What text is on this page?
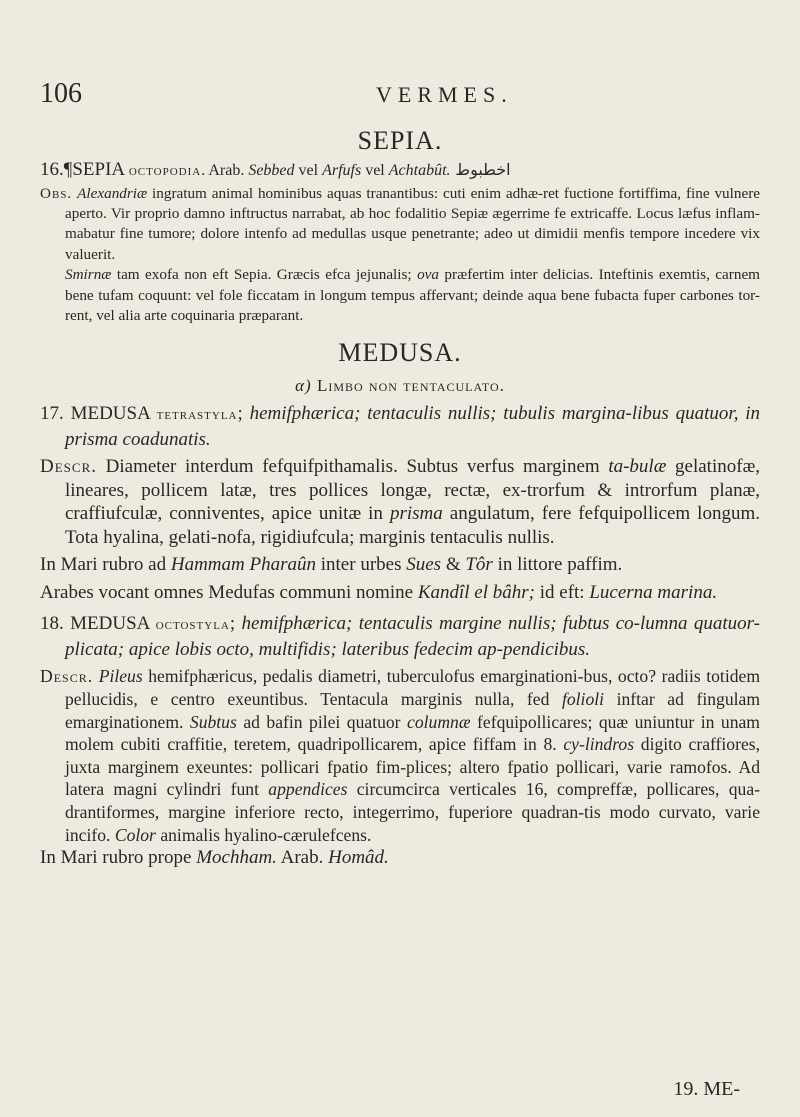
106	VERMES.
SEPIA.

16.¶SEPIA octopodia. Arab. Sebbed vel Arfufs vel Achtabût. اخطبوط

Obs. Alexandriæ ingratum animal hominibus aquas tranantibus: cuti enim adhæ-ret fuctione fortiffima, fine vulnere aperto. Vir proprio damno inftructus narrabat, ab hoc fodalitio Sepiæ ægerrime fe extricaffe. Locus læfus inflam-mabatur fine tumore; dolore intenfo ad medullas usque penetrante; adeo ut dimidii menfis tempore incedere vix valuerit.

Smirnæ tam exofa non eft Sepia. Græcis efca jejunalis; ova præfertim inter delicias. Inteftinis exemtis, carnem bene tufam coquunt: vel fole ficcatam in longum tempus affervant; deinde aqua bene fubacta fuper carbones tor-rent, vel alia arte coquinaria præparant.

MEDUSA.
α) Limbo non tentaculato.

17. MEDUSA tetrastyla; hemifphærica; tentaculis nullis; tubulis margina-libus quatuor, in prisma coadunatis.

Descr. Diameter interdum fefquifpithamalis. Subtus verfus marginem ta-bulæ gelatinofæ, lineares, pollicem latæ, tres pollices longæ, rectæ, ex-trorfum & introrfum planæ, craffiufculæ, conniventes, apice unitæ in prisma angulatum, fere fefquipollicem longum. Tota hyalina, gelati-nofa, rigidiufcula; marginis tentaculis nullis.

In Mari rubro ad Hammam Pharaûn inter urbes Sues & Tôr in littore paffim.

Arabes vocant omnes Medufas communi nomine Kandîl el bâhr; id eft: Lucerna marina.

18. MEDUSA octostyla; hemifphærica; tentaculis margine nullis; fubtus co-lumna quatuor-plicata; apice lobis octo, multifidis; lateribus fedecim ap-pendicibus.

Descr. Pileus hemifphæricus, pedalis diametri, tuberculofus emarginationi-bus, octo? radiis totidem pellucidis, e centro exeuntibus. Tentacula marginis nulla, fed folioli inftar ad fingulam emarginationem. Subtus ad bafin pilei quatuor columnæ fefquipollicares; quæ uniuntur in unam molem cubiti craffitie, teretem, quadripollicarem, apice fiffam in 8. cy-lindros digito craffiores, juxta marginem exeuntes: pollicari fpatio fim-plices; altero fpatio pollicari, varie ramofos. Ad latera magni cylindri funt appendices circumcirca verticales 16, compreffæ, pollicares, qua-drantiformes, margine inferiore recto, integerrimo, fuperiore quadran-tis modo curvato, varie incifo. Color animalis hyalino-cærulefcens.

In Mari rubro prope Mochham. Arab. Homâd.

19. ME-
